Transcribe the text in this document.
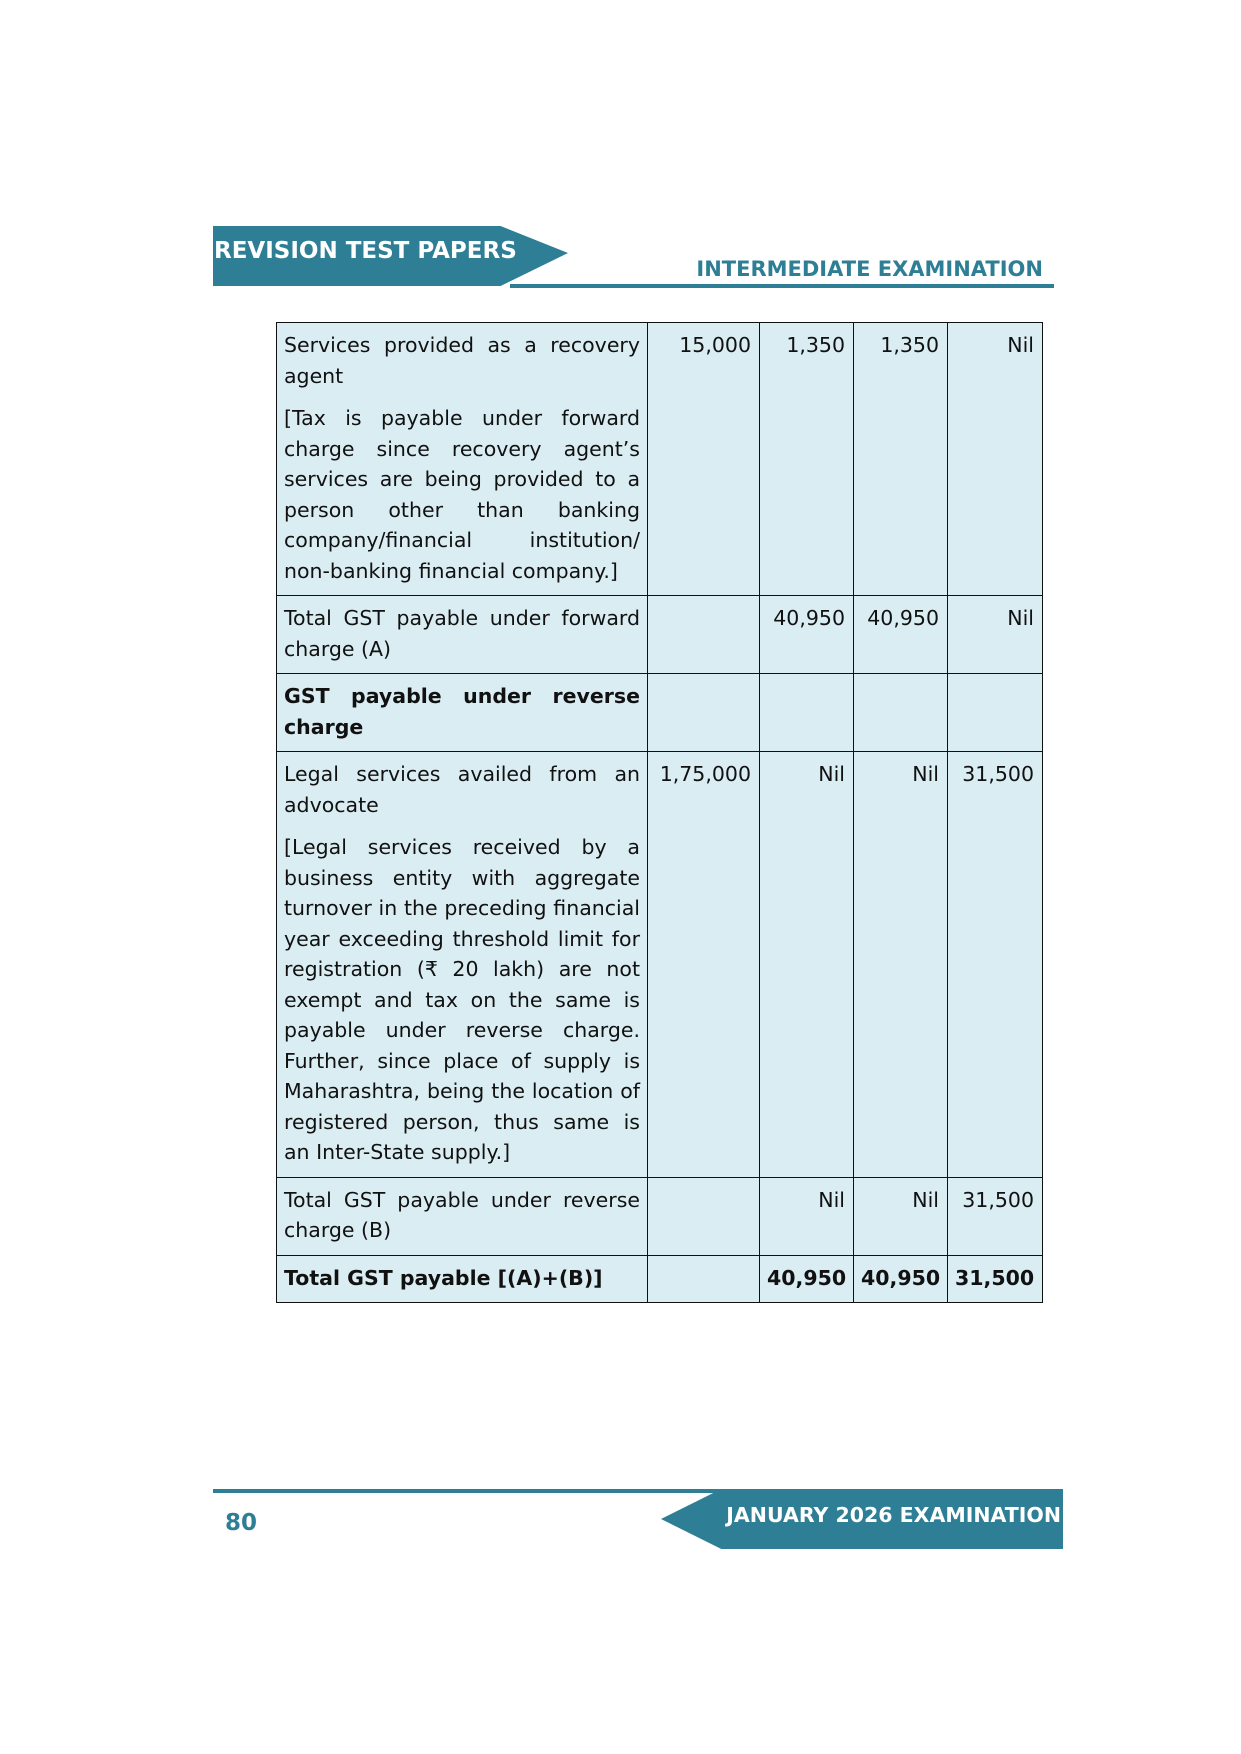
REVISION TEST PAPERS
INTERMEDIATE EXAMINATION

Services provided as a recovery agent

[Tax is payable under forward charge since recovery agent’s services are being provided to a person other than banking company/financial institution/ non-banking financial company.]	15,000	1,350	1,350	Nil

Total GST payable under forward charge (A)		40,950	40,950	Nil

GST payable under reverse charge				

Legal services availed from an advocate

[Legal services received by a business entity with aggregate turnover in the preceding financial year exceeding threshold limit for registration (₹ 20 lakh) are not exempt and tax on the same is payable under reverse charge. Further, since place of supply is Maharashtra, being the location of registered person, thus same is an Inter-State supply.]	1,75,000	Nil	Nil	31,500

Total GST payable under reverse charge (B)		Nil	Nil	31,500

Total GST payable [(A)+(B)]		40,950	40,950	31,500
JANUARY 2026 EXAMINATION
80
